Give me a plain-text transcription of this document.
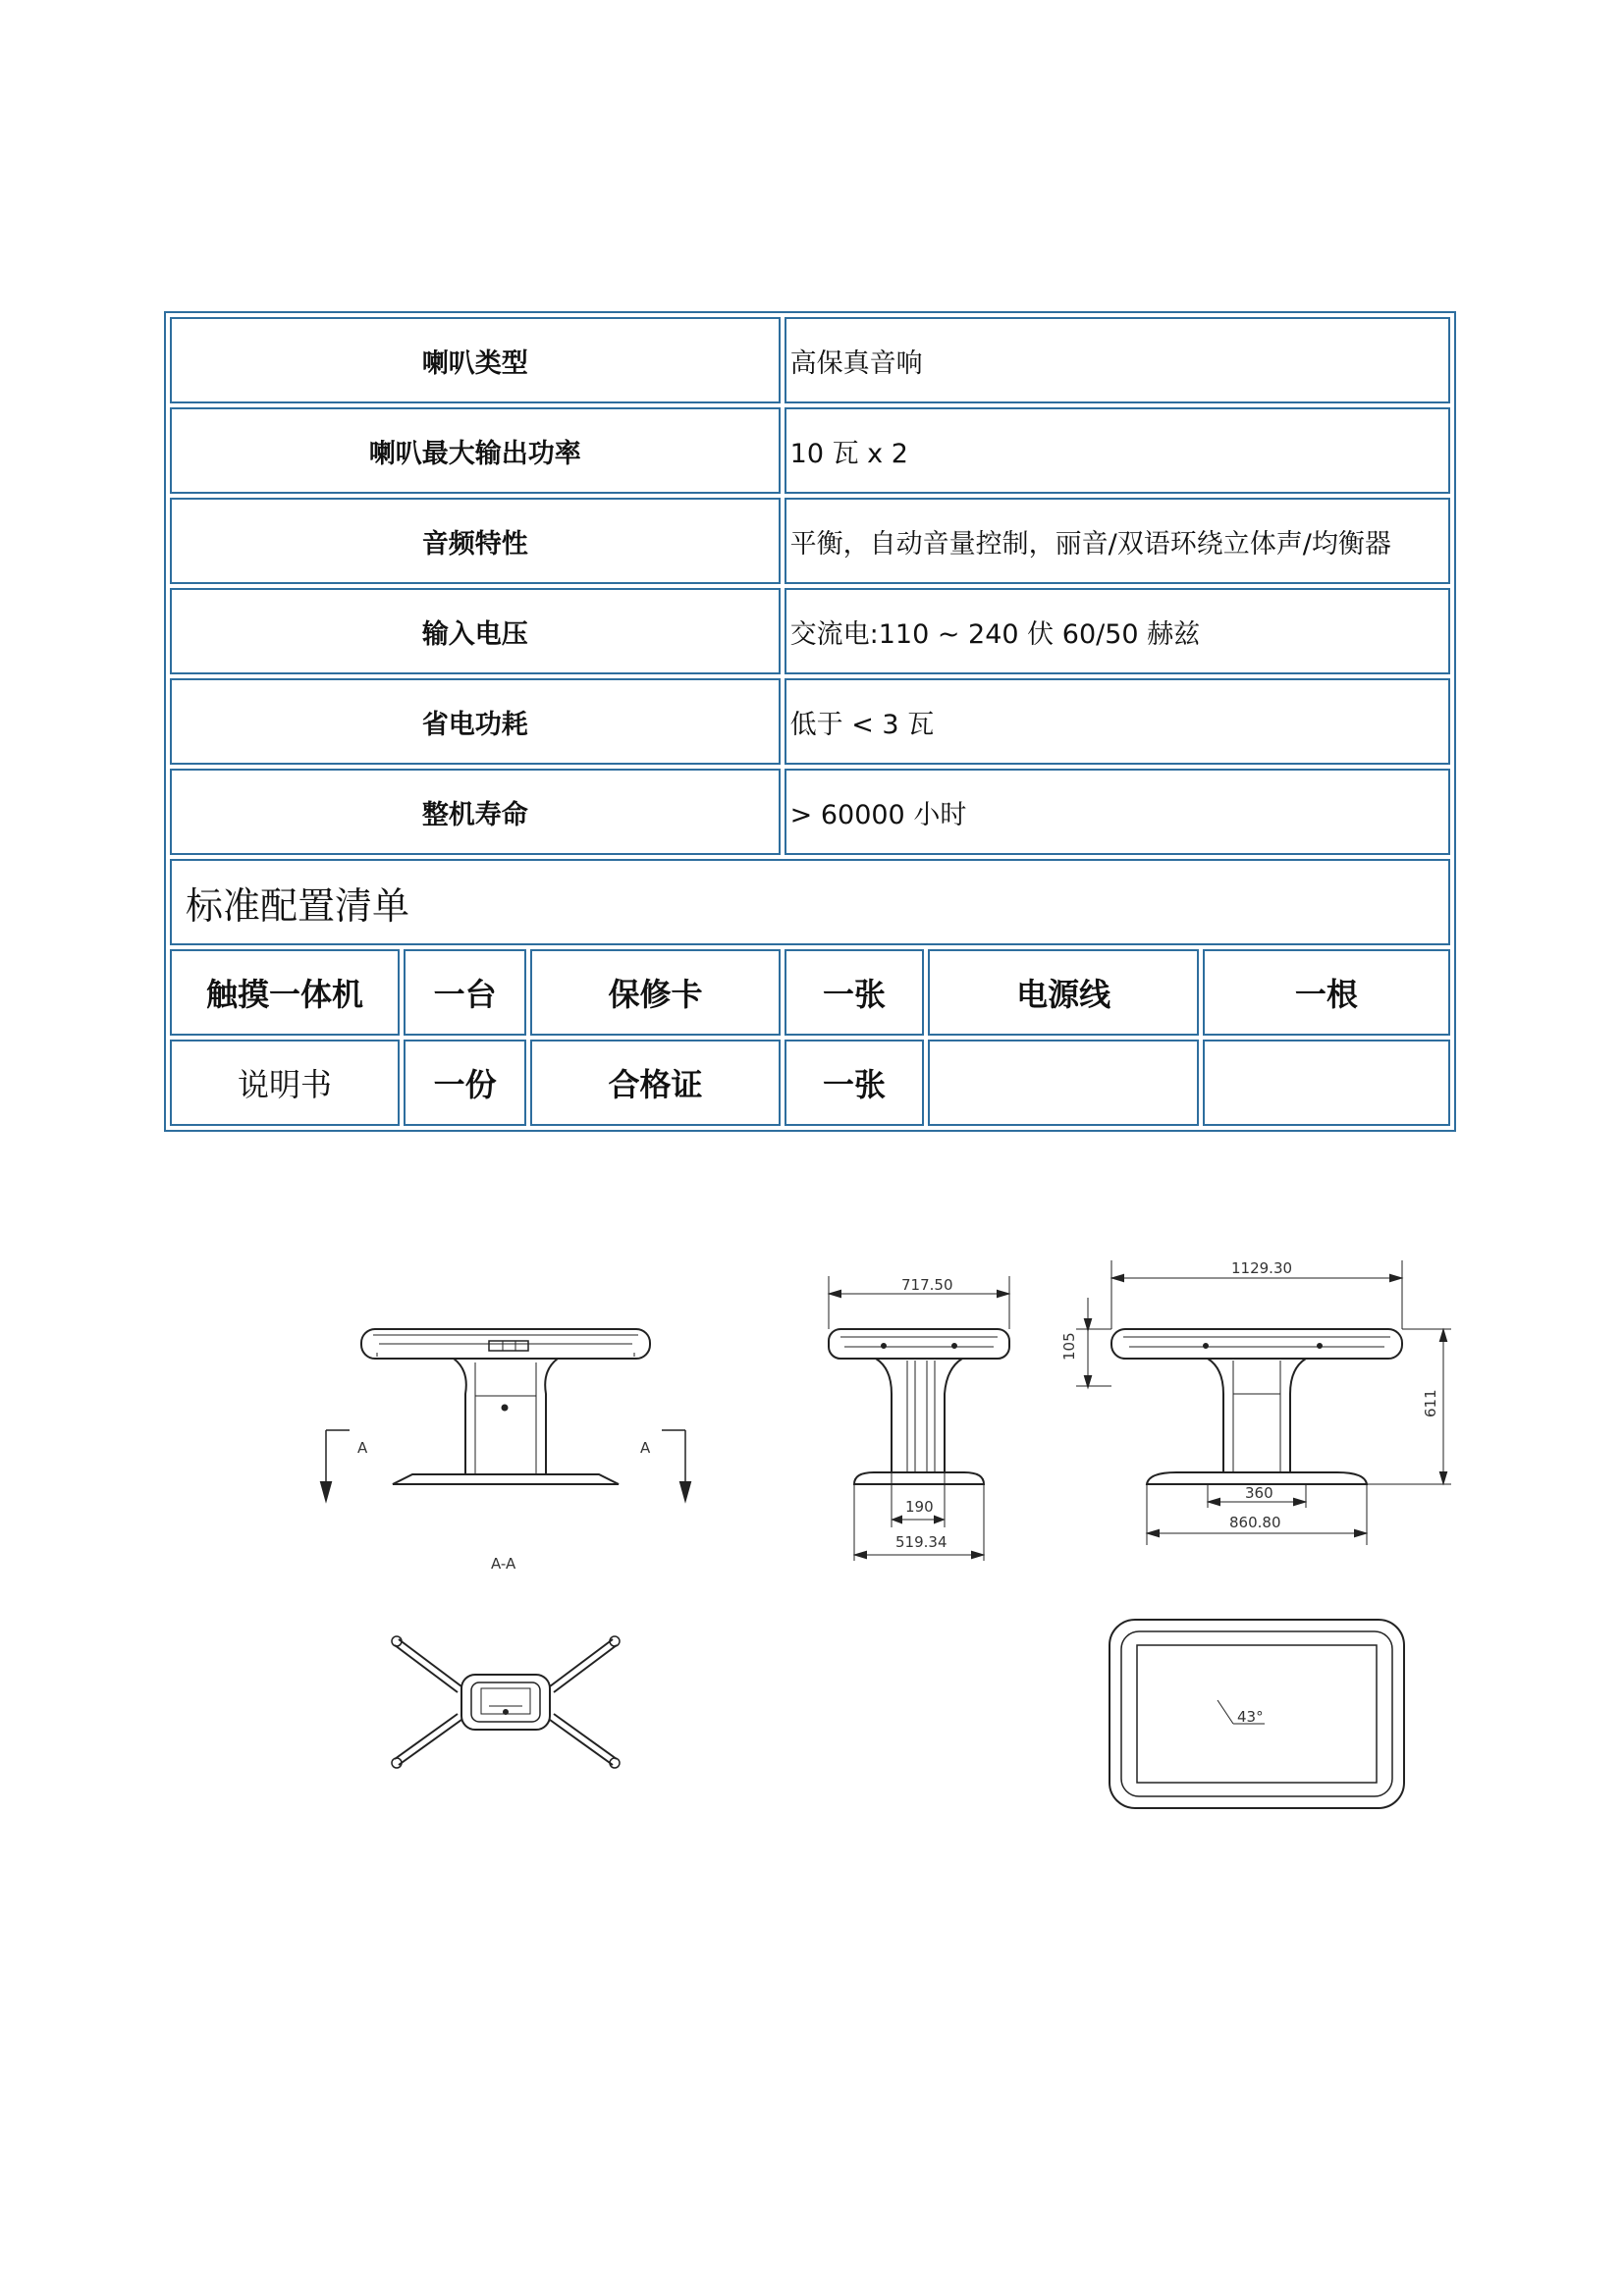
喇叭类型			高保真音响		
喇叭最大输出功率			10 瓦 x 2		
音频特性			平衡，自动音量控制，丽音/双语环绕立体声/均衡器		
输入电压			交流电:110 ~ 240 伏 60/50 赫兹		
省电功耗			低于 < 3 瓦		
整机寿命			> 60000 小时		
标准配置清单					
触摸一体机	一台	保修卡	一张	电源线	一根
说明书	一份	合格证	一张		
A	A
A-A
717.50
190
519.34
1129.30
105
611
360
860.80
43°
